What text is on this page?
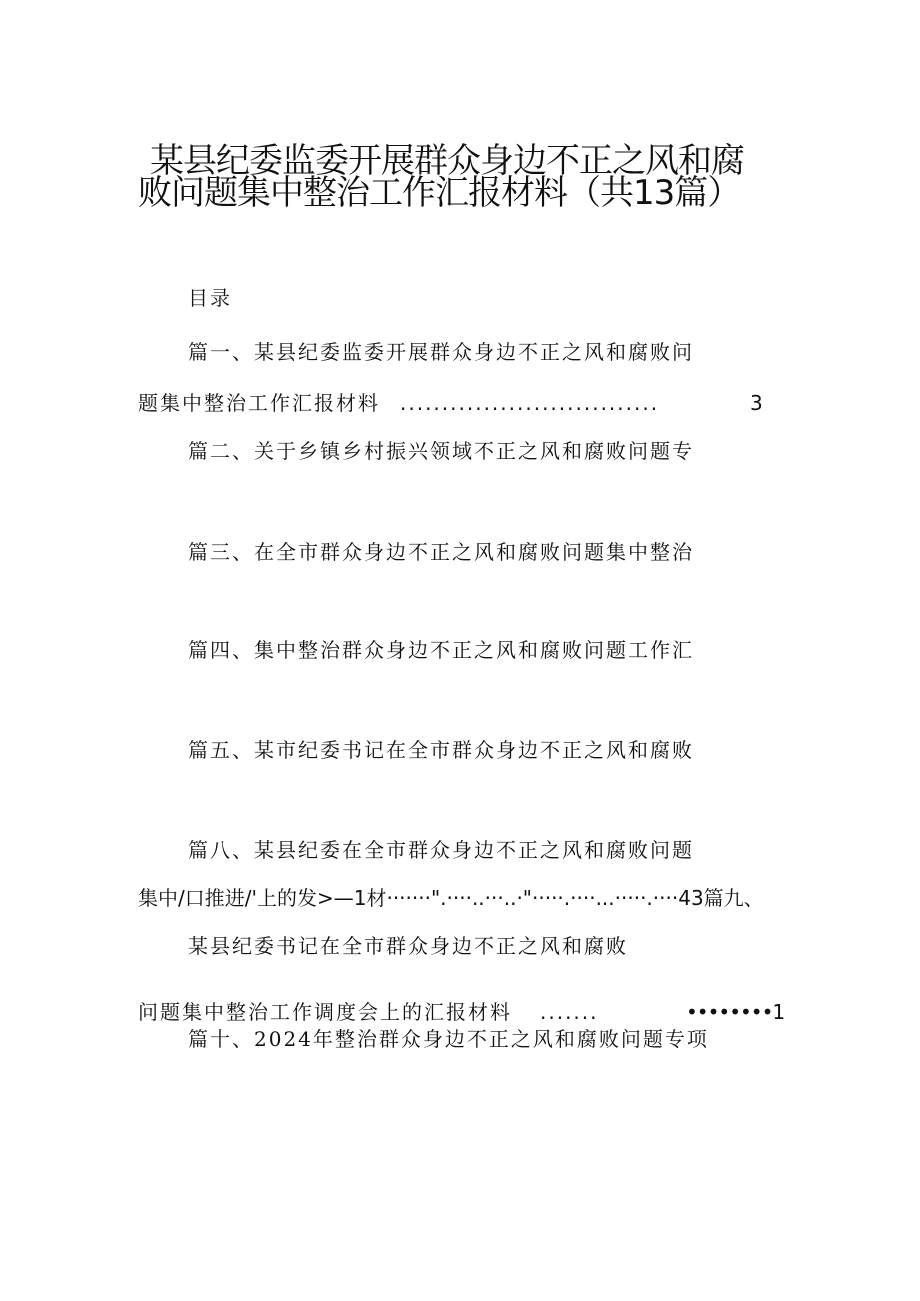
某县纪委监委开展群众身边不正之风和腐
败问题集中整治工作汇报材料（共13篇）
目录
篇一、某县纪委监委开展群众身边不正之风和腐败问
题集中整治工作汇报材料 ...............................	3
篇二、关于乡镇乡村振兴领域不正之风和腐败问题专
篇三、在全市群众身边不正之风和腐败问题集中整治
篇四、集中整治群众身边不正之风和腐败问题工作汇
篇五、某市纪委书记在全市群众身边不正之风和腐败
篇八、某县纪委在全市群众身边不正之风和腐败问题
集中/口推进/'上的发>—1材·······".····..···..·"·····.····...·····.····43篇九、
某县纪委书记在全市群众身边不正之风和腐败
问题集中整治工作调度会上的汇报材料 .......	••••••••1
篇十、2024年整治群众身边不正之风和腐败问题专项
